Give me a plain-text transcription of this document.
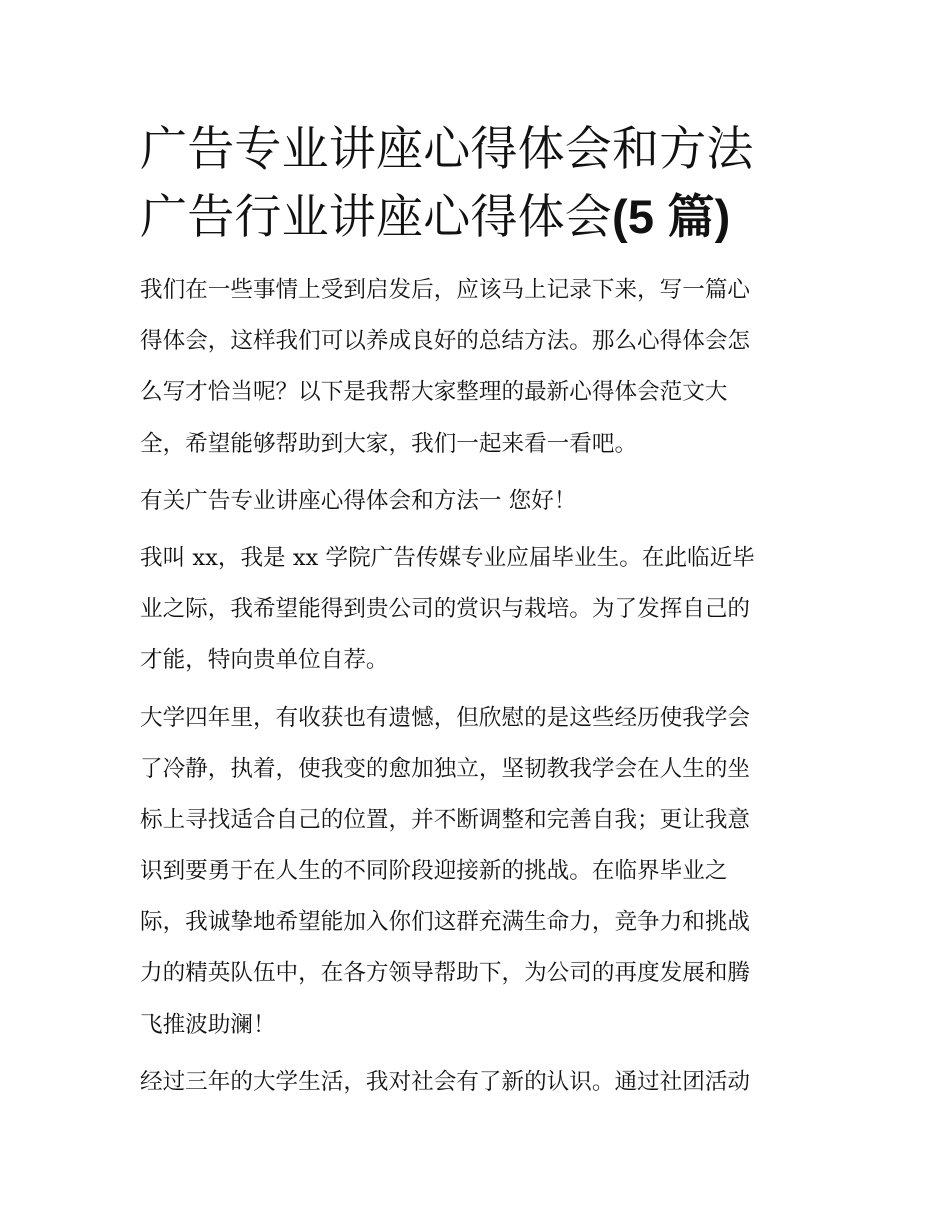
广告专业讲座心得体会和方法
广告行业讲座心得体会(5 篇)

我们在一些事情上受到启发后，应该马上记录下来，写一篇心
得体会，这样我们可以养成良好的总结方法。那么心得体会怎
么写才恰当呢？以下是我帮大家整理的最新心得体会范文大
全，希望能够帮助到大家，我们一起来看一看吧。

有关广告专业讲座心得体会和方法一 您好！

我叫 xx，我是 xx 学院广告传媒专业应届毕业生。在此临近毕
业之际，我希望能得到贵公司的赏识与栽培。为了发挥自己的
才能，特向贵单位自荐。

大学四年里，有收获也有遗憾，但欣慰的是这些经历使我学会
了冷静，执着，使我变的愈加独立，坚韧教我学会在人生的坐
标上寻找适合自己的位置，并不断调整和完善自我；更让我意
识到要勇于在人生的不同阶段迎接新的挑战。在临界毕业之
际，我诚挚地希望能加入你们这群充满生命力，竞争力和挑战
力的精英队伍中，在各方领导帮助下，为公司的再度发展和腾
飞推波助澜！

经过三年的大学生活，我对社会有了新的认识。通过社团活动
